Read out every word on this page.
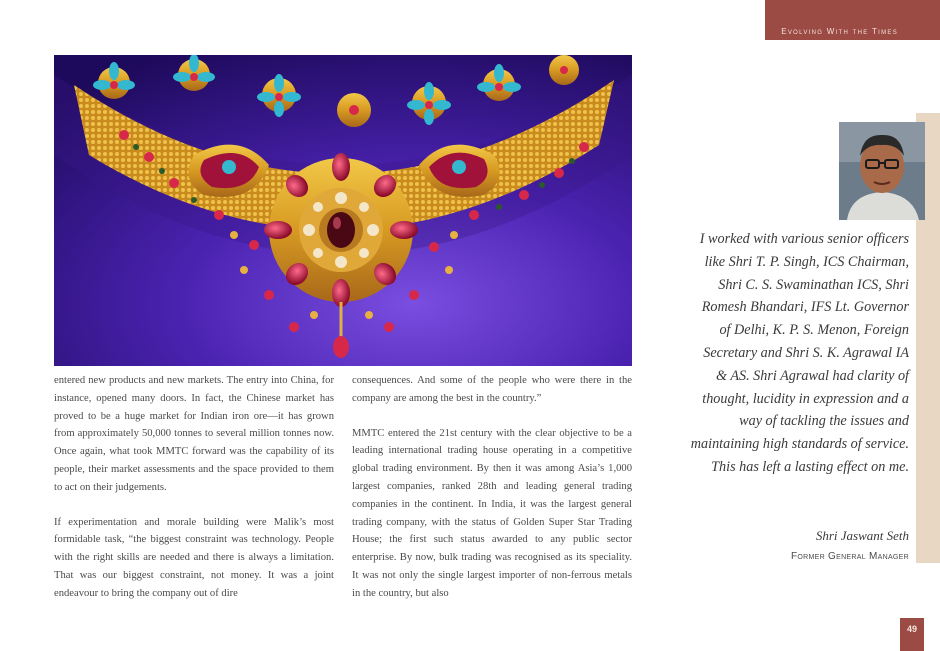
Evolving With the Times

entered new products and new markets. The entry into China, for instance, opened many doors. In fact, the Chinese market has proved to be a huge market for Indian iron ore—it has grown from approximately 50,000 tonnes to several million tonnes now. Once again, what took MMTC forward was the capability of its people, their market assessments and the space provided to them to act on their judgements.

If experimentation and morale building were Malik’s most formidable task, “the biggest constraint was technology. People with the right skills are needed and there is always a limitation. That was our biggest constraint, not money. It was a joint endeavour to bring the company out of dire

consequences. And some of the people who were there in the company are among the best in the country.”

MMTC entered the 21st century with the clear objective to be a leading international trading house operating in a competitive global trading environment. By then it was among Asia’s 1,000 largest companies, ranked 28th and leading general trading companies in the continent. In India, it was the largest general trading company, with the status of Golden Super Star Trading House; the first such status awarded to any public sector enterprise. By now, bulk trading was recognised as its speciality. It was not only the single largest importer of non-ferrous metals in the country, but also

I worked with various senior officers like Shri T. P. Singh, ICS Chairman, Shri C. S. Swaminathan ICS, Shri Romesh Bhandari, IFS Lt. Governor of Delhi, K. P. S. Menon, Foreign Secretary and Shri S. K. Agrawal IA & AS. Shri Agrawal had clarity of thought, lucidity in expression and a way of tackling the issues and maintaining high standards of service. This has left a lasting effect on me.
Shri Jaswant Seth
Former General Manager
49
